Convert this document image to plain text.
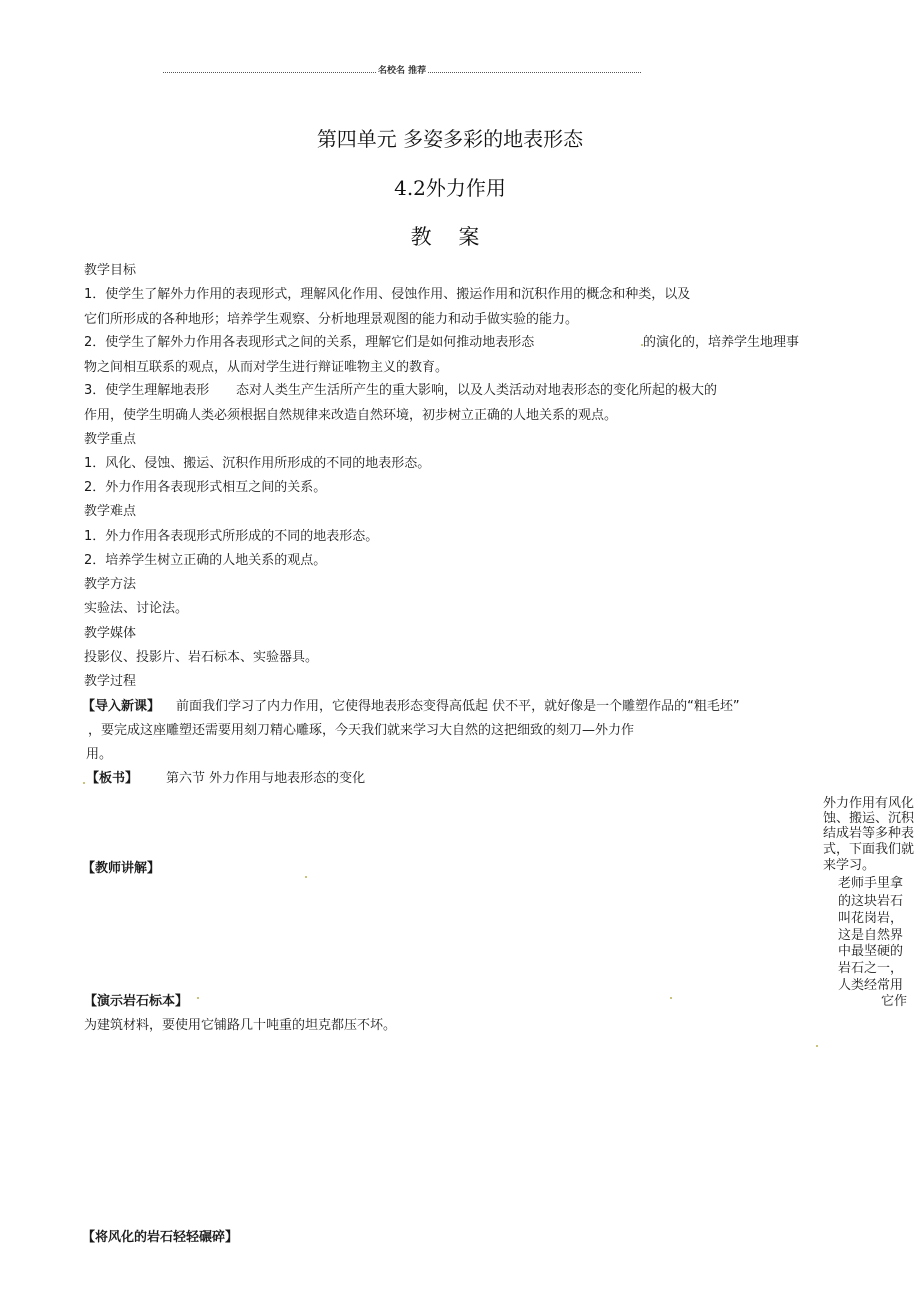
名校名 推荐
第四单元 多姿多彩的地表形态
4.2外力作用
教 案
教学目标
1．使学生了解外力作用的表现形式，理解风化作用、侵蚀作用、搬运作用和沉积作用的概念和种类，以及
它们所形成的各种地形；培养学生观察、分析地理景观图的能力和动手做实验的能力。
2．使学生了解外力作用各表现形式之间的关系，理解它们是如何推动地表形态	的演化的，培养学生地理事
物之间相互联系的观点，从而对学生进行辩证唯物主义的教育。
3．使学生理解地表形 态对人类生产生活所产生的重大影响，以及人类活动对地表形态的变化所起的极大的
作用，使学生明确人类必须根据自然规律来改造自然环境，初步树立正确的人地关系的观点。
教学重点
1．风化、侵蚀、搬运、沉积作用所形成的不同的地表形态。
2．外力作用各表现形式相互之间的关系。
教学难点
1．外力作用各表现形式所形成的不同的地表形态。
2．培养学生树立正确的人地关系的观点。
教学方法
实验法、讨论法。
教学媒体
投影仪、投影片、岩石标本、实验器具。
教学过程
【导入新课】 前面我们学习了内力作用，它使得地表形态变得高低起 伏不平，就好像是一个雕塑作品的“粗毛坯”
，要完成这座雕塑还需要用刻刀精心雕琢，今天我们就来学习大自然的这把细致的刻刀—外力作
用。
【板书】 第六节 外力作用与地表形态的变化
【教师讲解】
【演示岩石标本】
为建筑材料，要使用它铺路几十吨重的坦克都压不坏。
【将风化的岩石轻轻碾碎】
外力作用有风化
蚀、搬运、沉积
结成岩等多种表
式，下面我们就
来学习。
老师手里拿
的这块岩石
叫花岗岩，
这是自然界
中最坚硬的
岩石之一，
人类经常用
它作
